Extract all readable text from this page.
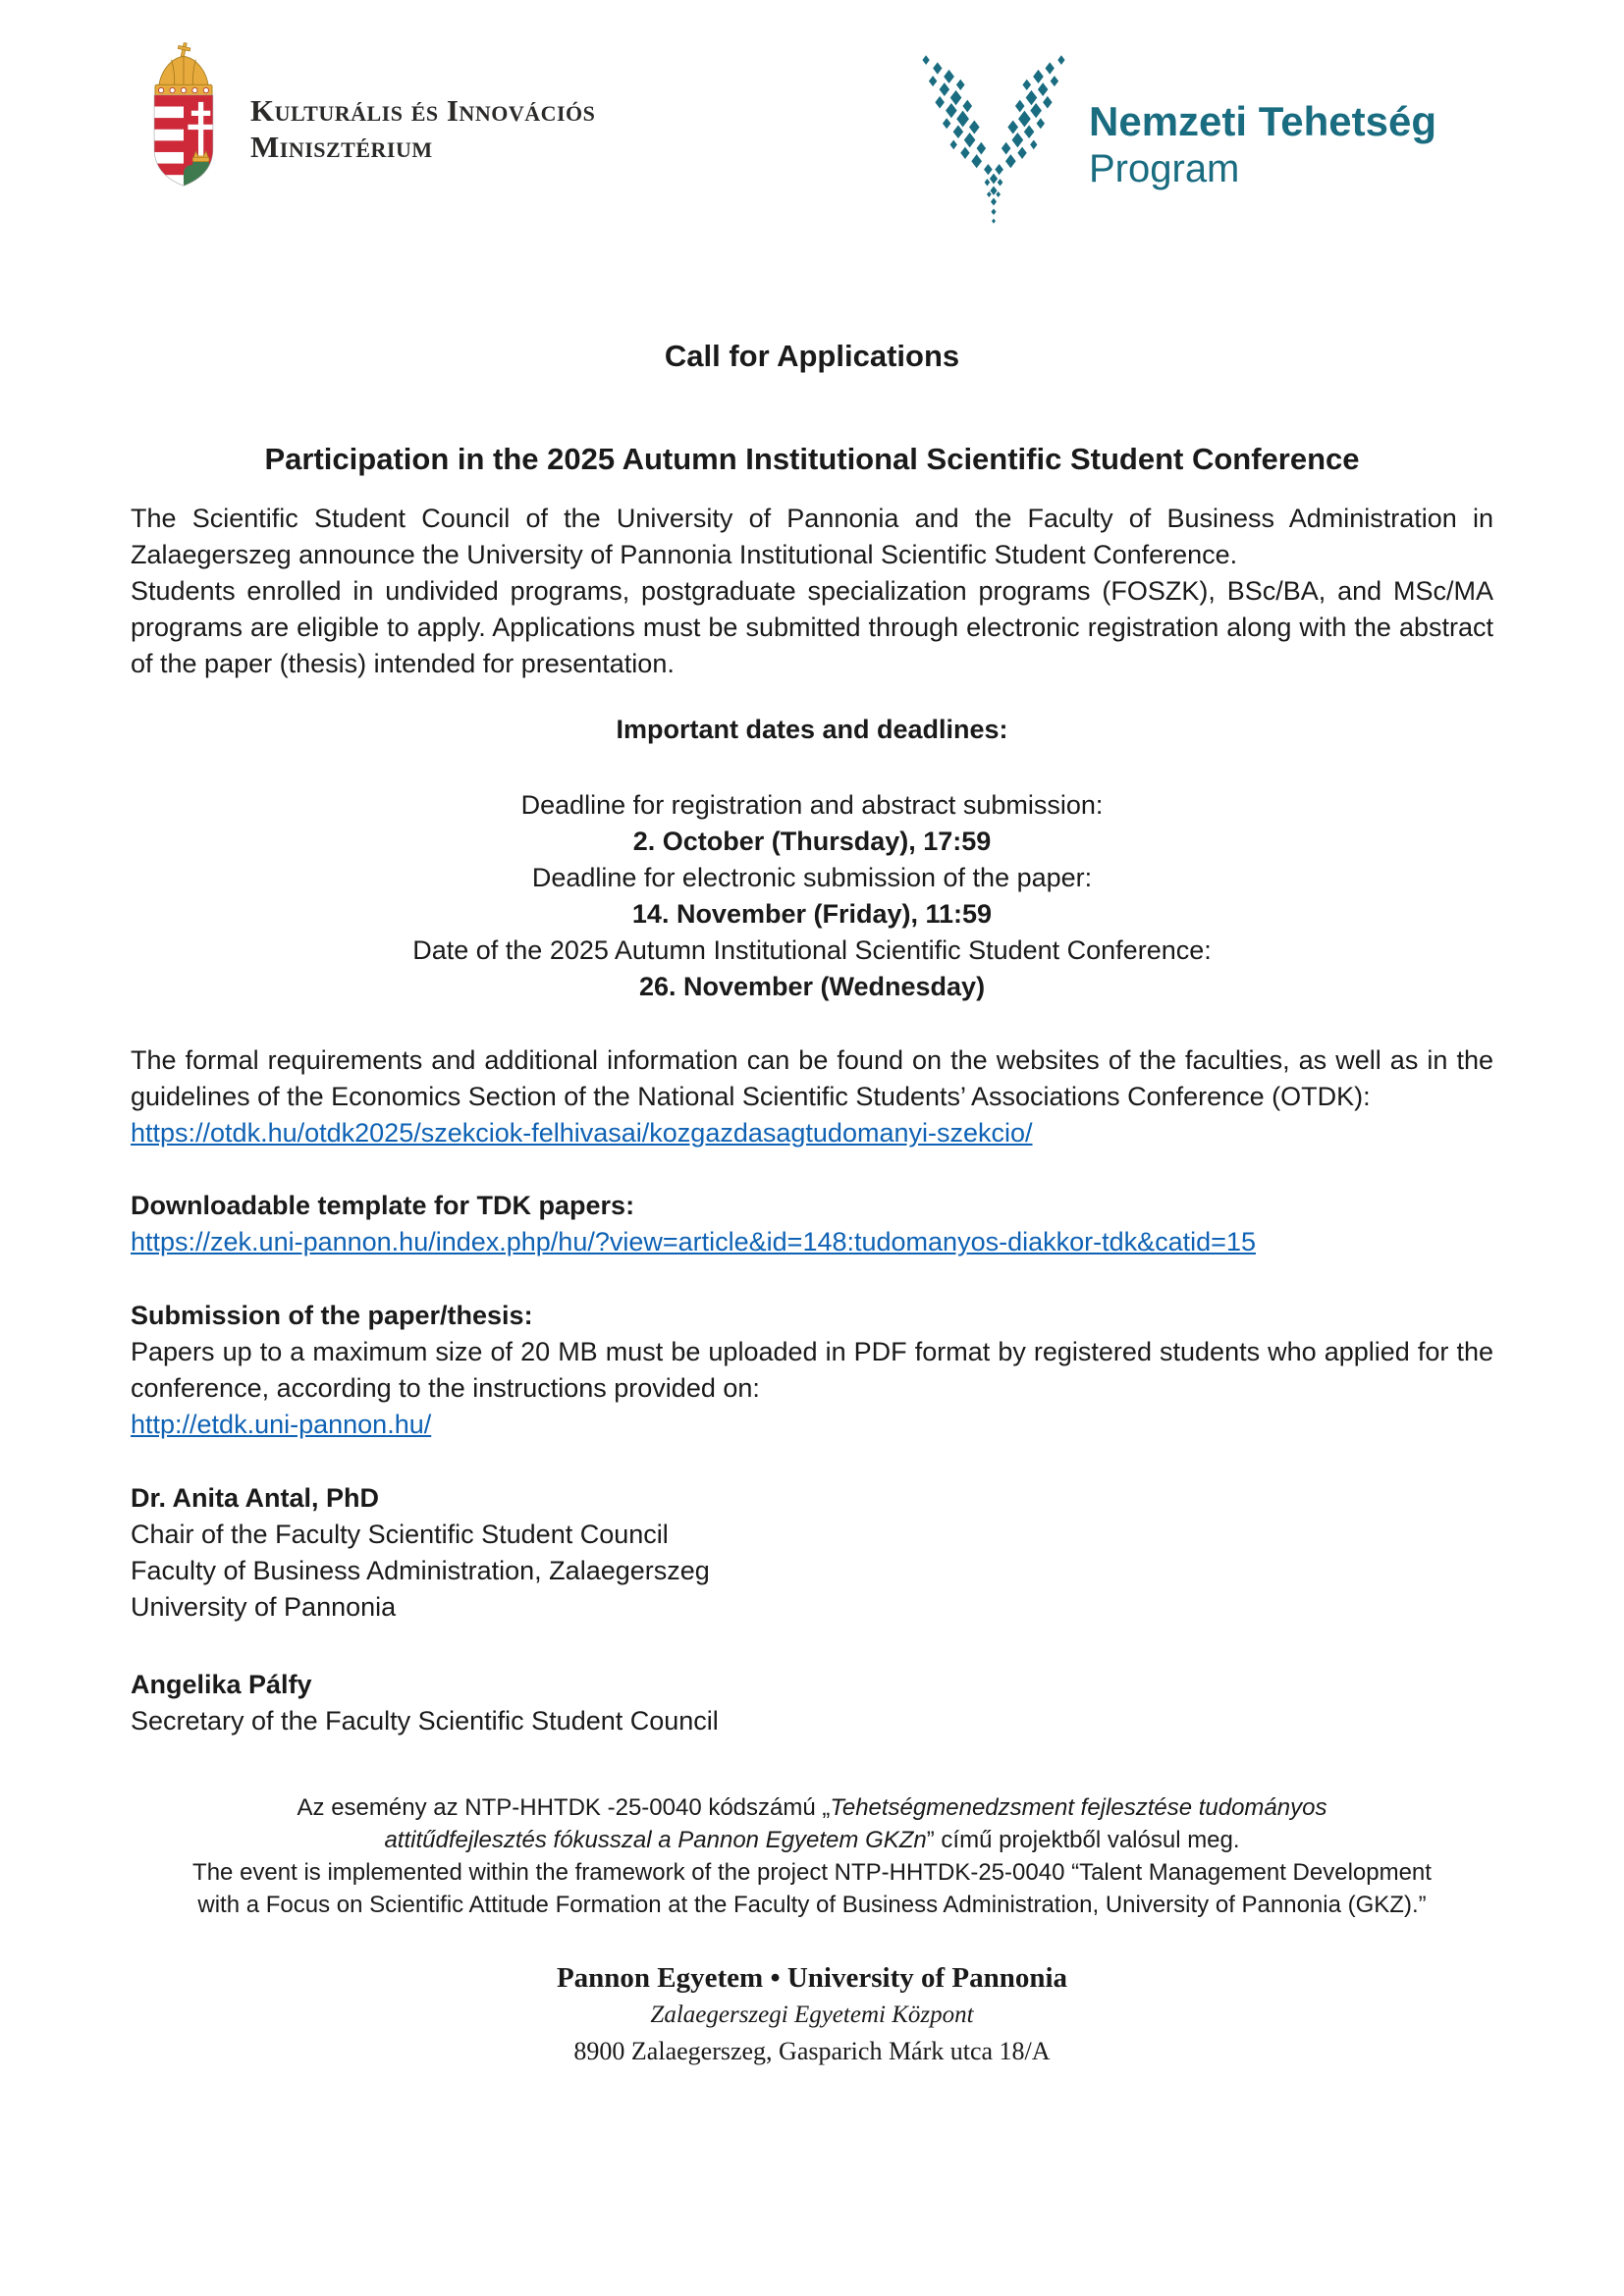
Kulturális és Innovációs
Minisztérium
Nemzeti Tehetség
Program
Call for Applications
Participation in the 2025 Autumn Institutional Scientific Student Conference

The Scientific Student Council of the University of Pannonia and the Faculty of Business Administration in Zalaegerszeg announce the University of Pannonia Institutional Scientific Student Conference.

Students enrolled in undivided programs, postgraduate specialization programs (FOSZK), BSc/BA, and MSc/MA programs are eligible to apply. Applications must be submitted through electronic registration along with the abstract of the paper (thesis) intended for presentation.

Important dates and deadlines:
Deadline for registration and abstract submission:
2. October (Thursday), 17:59
Deadline for electronic submission of the paper:
14. November (Friday), 11:59
Date of the 2025 Autumn Institutional Scientific Student Conference:
26. November (Wednesday)

The formal requirements and additional information can be found on the websites of the faculties, as well as in the guidelines of the Economics Section of the National Scientific Students’ Associations Conference (OTDK):

https://otdk.hu/otdk2025/szekciok-felhivasai/kozgazdasagtudomanyi-szekcio/
Downloadable template for TDK papers:
https://zek.uni-pannon.hu/index.php/hu/?view=article&id=148:tudomanyos-diakkor-tdk&catid=15
Submission of the paper/thesis:

Papers up to a maximum size of 20 MB must be uploaded in PDF format by registered students who applied for the conference, according to the instructions provided on:

http://etdk.uni-pannon.hu/
Dr. Anita Antal, PhD
Chair of the Faculty Scientific Student Council
Faculty of Business Administration, Zalaegerszeg
University of Pannonia
Angelika Pálfy
Secretary of the Faculty Scientific Student Council

Az esemény az NTP-HHTDK -25-0040 kódszámú „Tehetségmenedzsment fejlesztése tudományos attitűdfejlesztés fókusszal a Pannon Egyetem GKZn” című projektből valósul meg.

The event is implemented within the framework of the project NTP-HHTDK-25-0040 “Talent Management Development with a Focus on Scientific Attitude Formation at the Faculty of Business Administration, University of Pannonia (GKZ).”

Pannon Egyetem • University of Pannonia
Zalaegerszegi Egyetemi Központ
8900 Zalaegerszeg, Gasparich Márk utca 18/A
